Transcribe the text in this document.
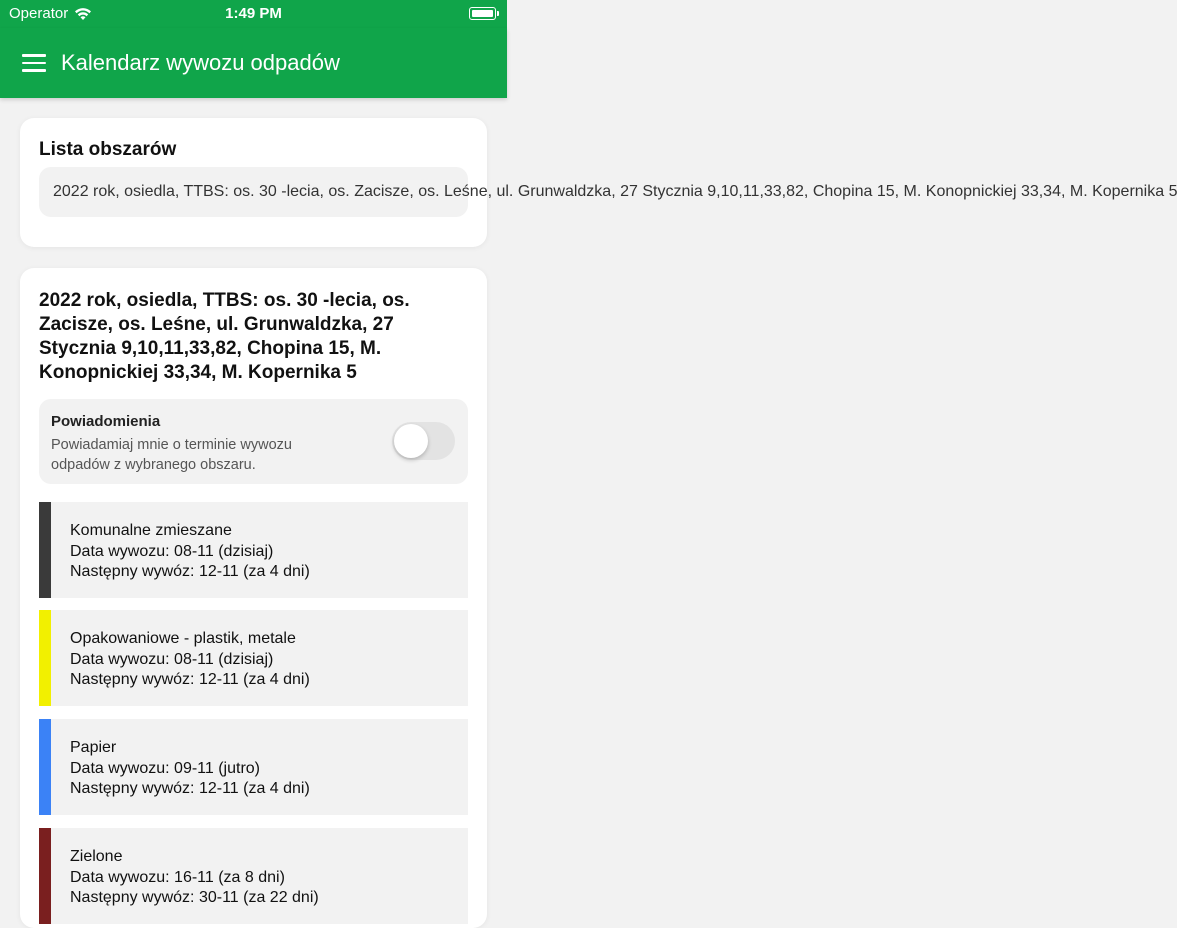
Operator	1:49 PM
Kalendarz wywozu odpadów
Lista obszarów
2022 rok, osiedla, TTBS: os. 30 -lecia, os. Zacisze, os. Leśne, ul. Grunwaldzka, 27 Stycznia 9,10,11,33,82, Chopina 15, M. Konopnickiej 33,34, M. Kopernika 5
2022 rok, osiedla, TTBS: os. 30 -lecia, os. Zacisze, os. Leśne, ul. Grunwaldzka, 27 Stycznia 9,10,11,33,82, Chopina 15, M. Konopnickiej 33,34, M. Kopernika 5
Powiadomienia
Powiadamiaj mnie o terminie wywozu odpadów z wybranego obszaru.
Komunalne zmieszane
Data wywozu: 08-11 (dzisiaj)
Następny wywóz: 12-11 (za 4 dni)
Opakowaniowe - plastik, metale
Data wywozu: 08-11 (dzisiaj)
Następny wywóz: 12-11 (za 4 dni)
Papier
Data wywozu: 09-11 (jutro)
Następny wywóz: 12-11 (za 4 dni)
Zielone
Data wywozu: 16-11 (za 8 dni)
Następny wywóz: 30-11 (za 22 dni)
